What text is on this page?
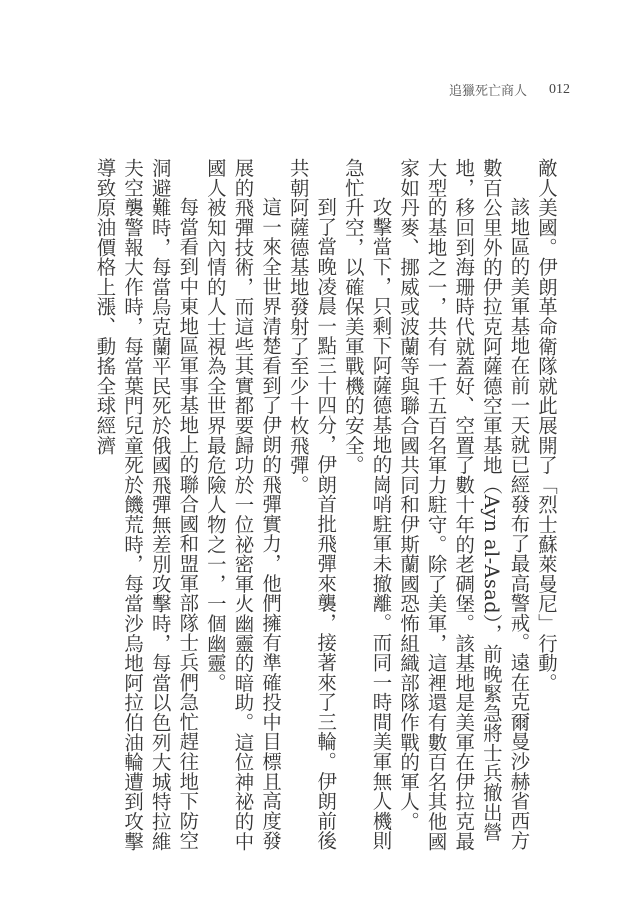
追獵死亡商人 012

敵人美國。伊朗革命衛隊就此展開了「烈士蘇萊曼尼」行動。

該地區的美軍基地在前一天就已經發布了最高警戒。遠在克爾曼沙赫省西方數百公里外的伊拉克阿薩德空軍基地（Ayn al-Asad），前晚緊急將士兵撤出營地，移回到海珊時代就蓋好、空置了數十年的老碉堡。該基地是美軍在伊拉克最大型的基地之一，共有一千五百名軍力駐守。除了美軍，這裡還有數百名其他國家如丹麥、挪威或波蘭等與聯合國共同和伊斯蘭國恐怖組織部隊作戰的軍人。

攻擊當下，只剩下阿薩德基地的崗哨駐軍未撤離。而同一時間美軍無人機則急忙升空，以確保美軍戰機的安全。

到了當晚凌晨一點三十四分，伊朗首批飛彈來襲，接著來了三輪。伊朗前後共朝阿薩德基地發射了至少十枚飛彈。

這一來全世界清楚看到了伊朗的飛彈實力，他們擁有準確投中目標且高度發展的飛彈技術，而這些其實都要歸功於一位祕密軍火幽靈的暗助。這位神祕的中國人被知內情的人士視為全世界最危險人物之一，一個幽靈。

每當看到中東地區軍事基地上的聯合國和盟軍部隊士兵們急忙趕往地下防空洞避難時，每當烏克蘭平民死於俄國飛彈無差別攻擊時，每當以色列大城特拉維夫空襲警報大作時，每當葉門兒童死於饑荒時，每當沙烏地阿拉伯油輪遭到攻擊導致原油價格上漲、動搖全球經濟
